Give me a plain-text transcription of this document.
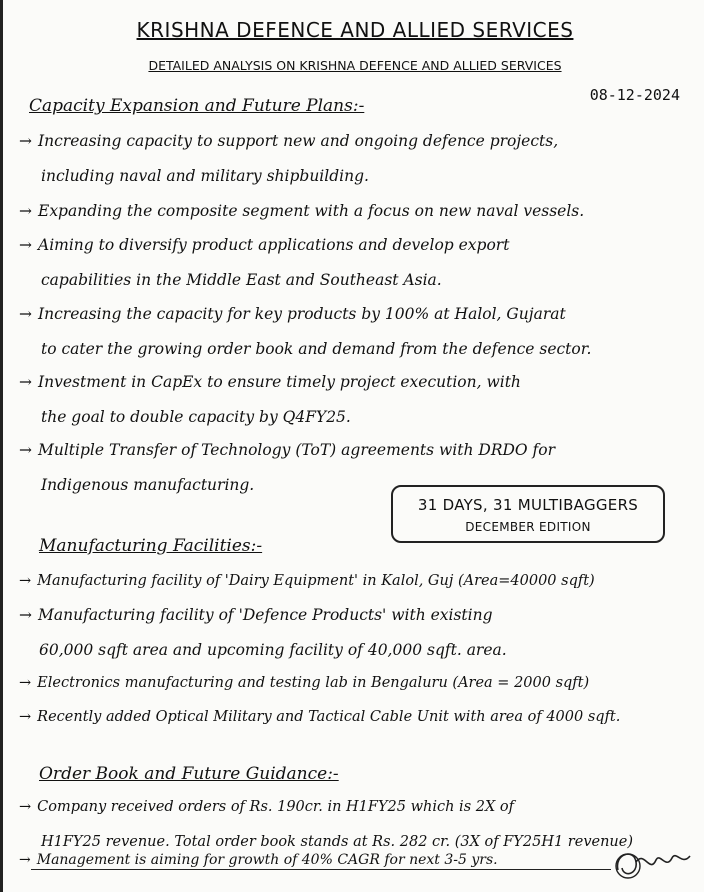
KRISHNA DEFENCE AND ALLIED SERVICES
DETAILED ANALYSIS ON KRISHNA DEFENCE AND ALLIED SERVICES
08-12-2024
Capacity Expansion and Future Plans:-
→ Increasing capacity to support new and ongoing defence projects,
including naval and military shipbuilding.
→ Expanding the composite segment with a focus on new naval vessels.
→ Aiming to diversify product applications and develop export
capabilities in the Middle East and Southeast Asia.
→ Increasing the capacity for key products by 100% at Halol, Gujarat
to cater the growing order book and demand from the defence sector.
→ Investment in CapEx to ensure timely project execution, with
the goal to double capacity by Q4FY25.
→ Multiple Transfer of Technology (ToT) agreements with DRDO for
Indigenous manufacturing.
31 DAYS, 31 MULTIBAGGERS
DECEMBER EDITION
Manufacturing Facilities:-
→ Manufacturing facility of 'Dairy Equipment' in Kalol, Guj (Area=40000 sqft)
→ Manufacturing facility of 'Defence Products' with existing
60,000 sqft area and upcoming facility of 40,000 sqft. area.
→ Electronics manufacturing and testing lab in Bengaluru (Area = 2000 sqft)
→ Recently added Optical Military and Tactical Cable Unit with area of 4000 sqft.
Order Book and Future Guidance:-
→ Company received orders of Rs. 190cr. in H1FY25 which is 2X of
H1FY25 revenue. Total order book stands at Rs. 282 cr. (3X of FY25H1 revenue)
→ Management is aiming for growth of 40% CAGR for next 3-5 yrs.
